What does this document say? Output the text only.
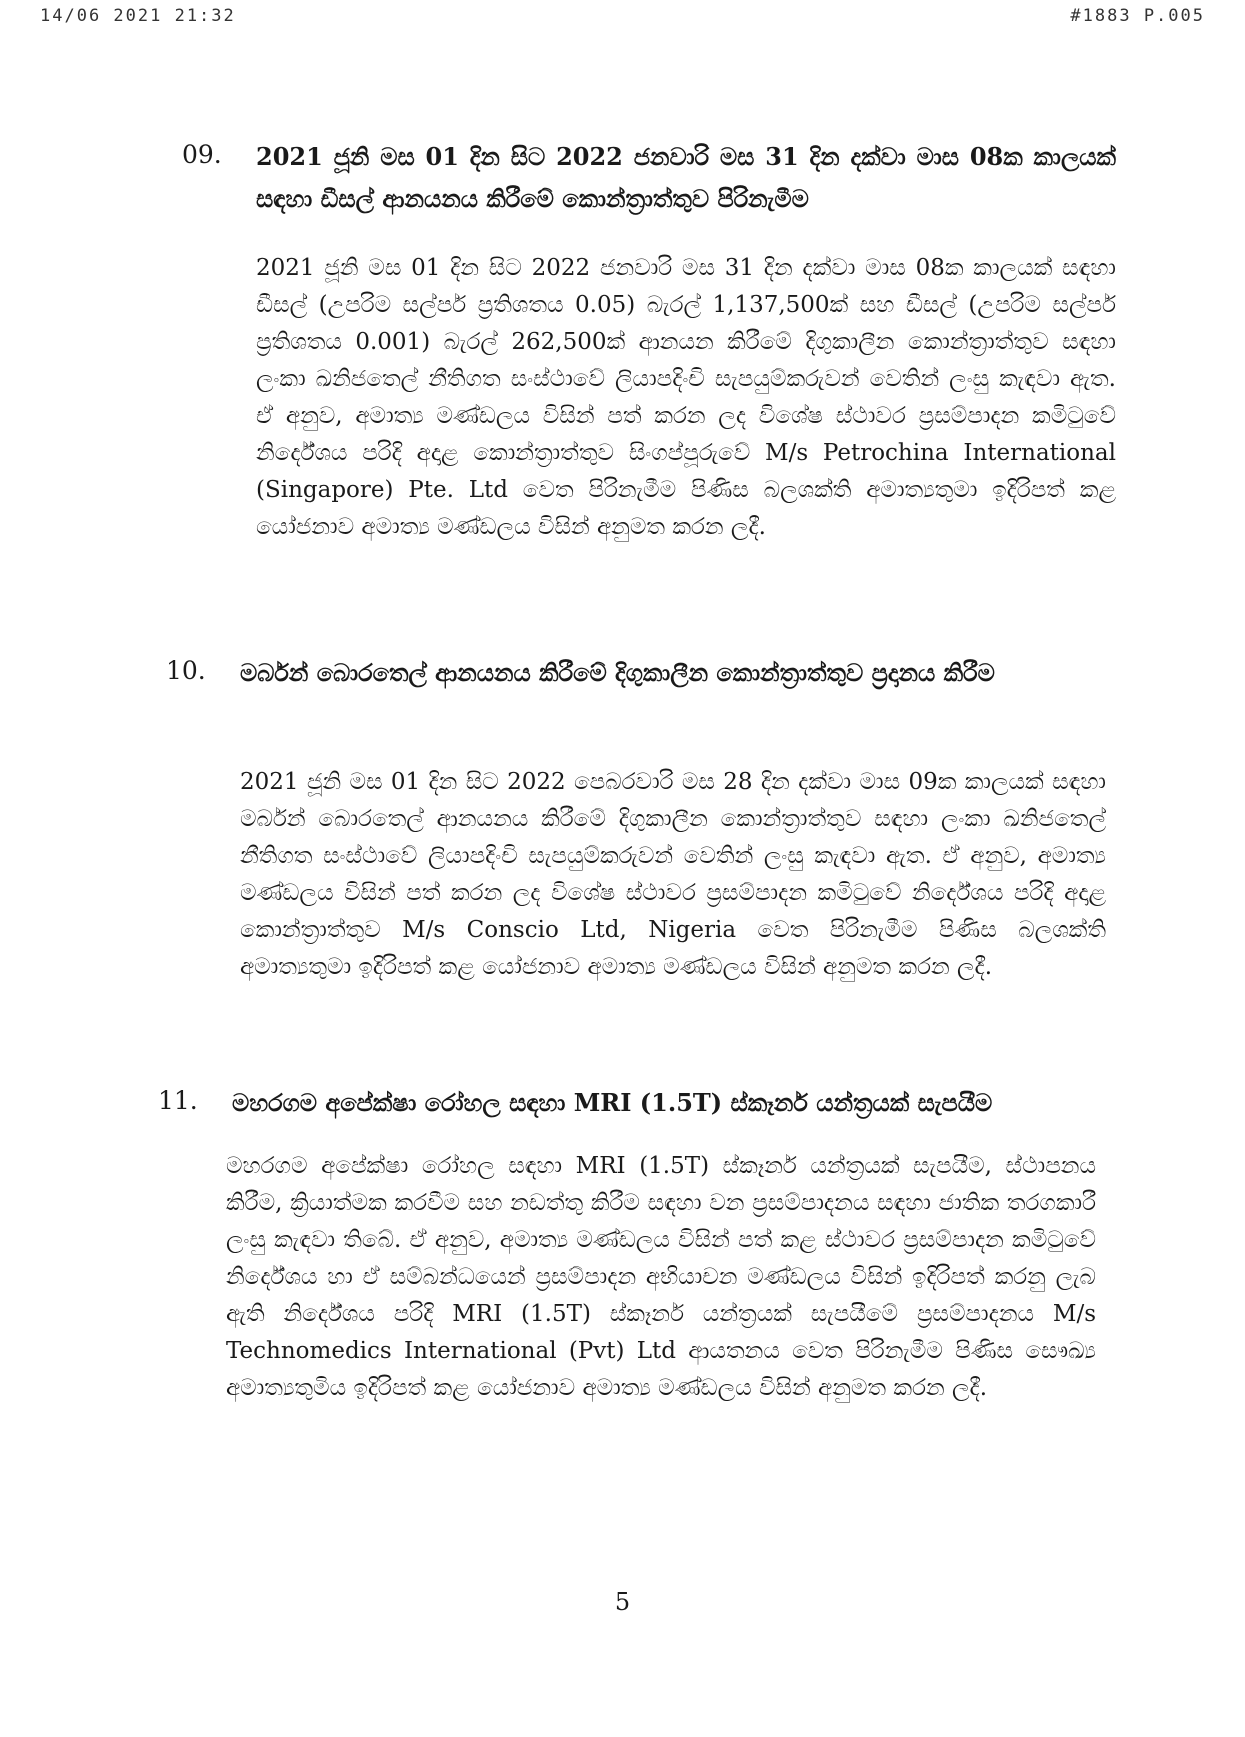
14/06 2021 21:32	#1883 P.005
09. 2021 ජූනි මස 01 දින සිට 2022 ජනවාරි මස 31 දින දක්වා මාස 08ක කාලයක් සඳහා ඩීසල් ආනයනය කිරීමේ කොන්ත්‍රාත්තුව පිරිනැමීම
2021 ජූනි මස 01 දින සිට 2022 ජනවාරි මස 31 දින දක්වා මාස 08ක කාලයක් සඳහා ඩීසල් (උපරිම සල්පර් ප්‍රතිශතය 0.05) බැරල් 1,137,500ක් සහ ඩීසල් (උපරිම සල්පර් ප්‍රතිශතය 0.001) බැරල් 262,500ක් ආනයන කිරීමේ දිගුකාලීන කොන්ත්‍රාත්තුව සඳහා ලංකා ඛනිජතෙල් නීතිගත සංස්ථාවේ ලියාපදිංචි සැපයුම්කරුවන් වෙතින් ලංසු කැඳවා ඇත. ඒ අනුව, අමාත්‍ය මණ්ඩලය විසින් පත් කරන ලද විශේෂ ස්ථාවර ප්‍රසම්පාදන කමිටුවේ නිර්දේශය පරිදි අදාළ කොන්ත්‍රාත්තුව සිංගප්පූරුවේ M/s Petrochina International (Singapore) Pte. Ltd වෙත පිරිනැමීම පිණිස බලශක්ති අමාත්‍යතුමා ඉදිරිපත් කළ යෝජනාව අමාත්‍ය මණ්ඩලය විසින් අනුමත කරන ලදී.
10. මර්බන් බොරතෙල් ආනයනය කිරීමේ දිගුකාලීන කොන්ත්‍රාත්තුව ප්‍රදානය කිරීම
2021 ජූනි මස 01 දින සිට 2022 පෙබරවාරි මස 28 දින දක්වා මාස 09ක කාලයක් සඳහා මර්බන් බොරතෙල් ආනයනය කිරීමේ දිගුකාලීන කොන්ත්‍රාත්තුව සඳහා ලංකා ඛනිජතෙල් නීතිගත සංස්ථාවේ ලියාපදිංචි සැපයුම්කරුවන් වෙතින් ලංසු කැඳවා ඇත. ඒ අනුව, අමාත්‍ය මණ්ඩලය විසින් පත් කරන ලද විශේෂ ස්ථාවර ප්‍රසම්පාදන කමිටුවේ නිර්දේශය පරිදි අදාළ කොන්ත්‍රාත්තුව M/s Conscio Ltd, Nigeria වෙත පිරිනැමීම පිණිස බලශක්ති අමාත්‍යතුමා ඉදිරිපත් කළ යෝජනාව අමාත්‍ය මණ්ඩලය විසින් අනුමත කරන ලදී.
11. මහරගම අපේක්ෂා රෝහල සඳහා MRI (1.5T) ස්කෑනර් යන්ත්‍රයක් සැපයීම
මහරගම අපේක්ෂා රෝහල සඳහා MRI (1.5T) ස්කෑනර් යන්ත්‍රයක් සැපයීම, ස්ථාපනය කිරීම, ක්‍රියාත්මක කරවීම සහ නඩත්තු කිරීම සඳහා වන ප්‍රසම්පාදනය සඳහා ජාතික තරගකාරී ලංසු කැඳවා තිබේ. ඒ අනුව, අමාත්‍ය මණ්ඩලය විසින් පත් කළ ස්ථාවර ප්‍රසම්පාදන කමිටුවේ නිර්දේශය හා ඒ සම්බන්ධයෙන් ප්‍රසම්පාදන අභියාචන මණ්ඩලය විසින් ඉදිරිපත් කරනු ලැබ ඇති නිර්දේශය පරිදි MRI (1.5T) ස්කෑනර් යන්ත්‍රයක් සැපයීමේ ප්‍රසම්පාදනය M/s Technomedics International (Pvt) Ltd ආයතනය වෙත පිරිනැමීම පිණිස සෞඛ්‍ය අමාත්‍යතුමිය ඉදිරිපත් කළ යෝජනාව අමාත්‍ය මණ්ඩලය විසින් අනුමත කරන ලදී.
5
